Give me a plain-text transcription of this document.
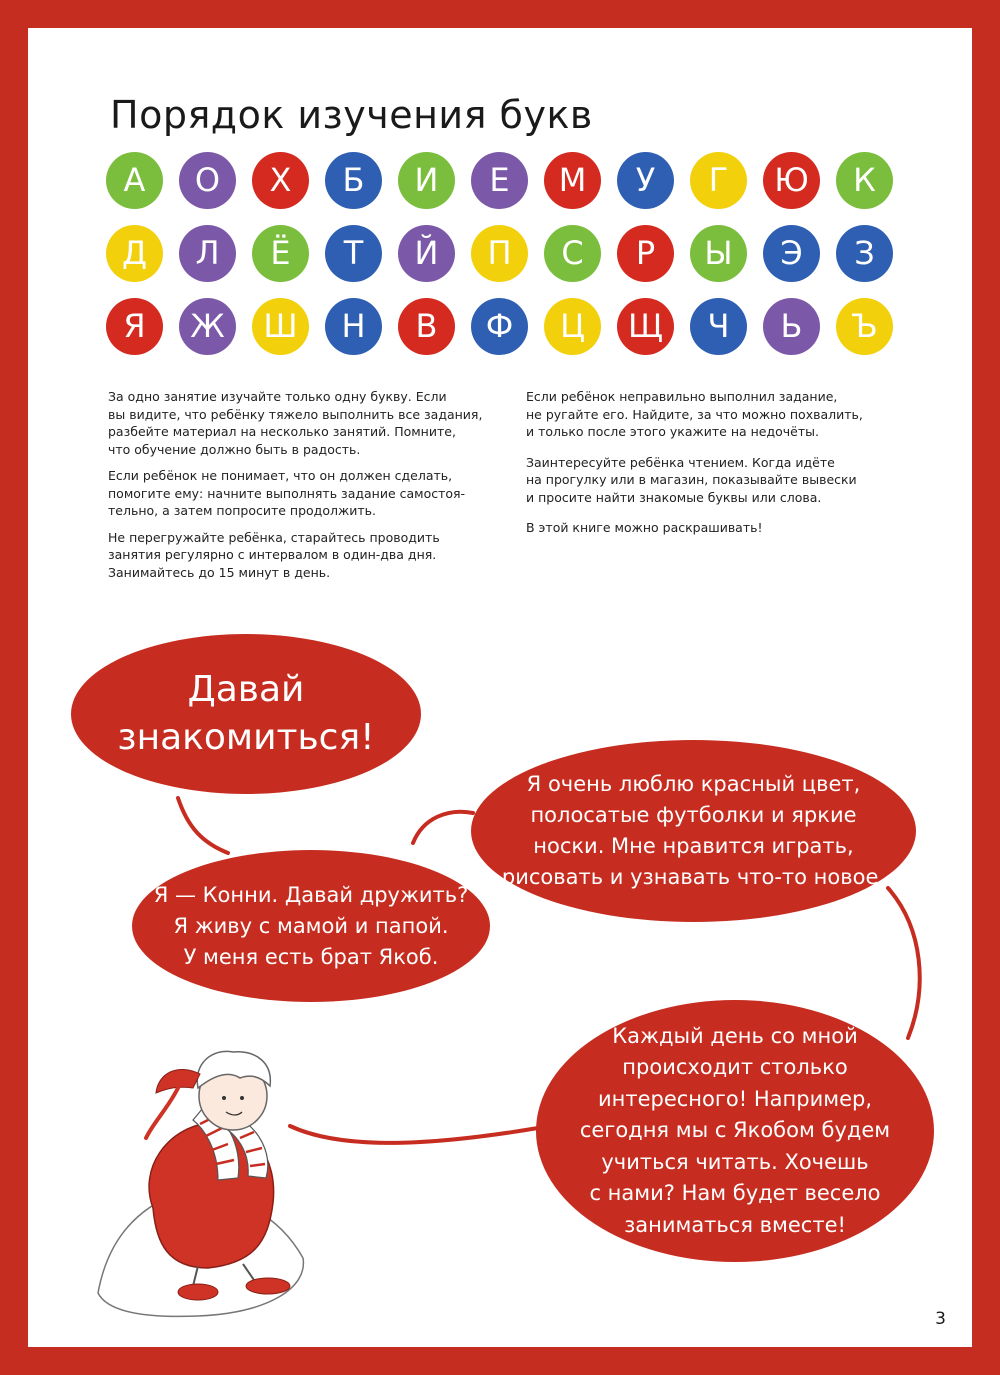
Порядок изучения букв
А	О	Х	Б	И	Е	М	У	Г	Ю	К
Д	Л	Ё	Т	Й	П	С	Р	Ы	Э	З
Я	Ж	Ш	Н	В	Ф	Ц	Щ	Ч	Ь	Ъ

За одно занятие изучайте только одну букву. Если
вы видите, что ребёнку тяжело выполнить все задания,
разбейте материал на несколько занятий. Помните,
что обучение должно быть в радость.

Если ребёнок не понимает, что он должен сделать,
помогите ему: начните выполнять задание самостоя-
тельно, а затем попросите продолжить.

Не перегружайте ребёнка, старайтесь проводить
занятия регулярно с интервалом в один-два дня.
Занимайтесь до 15 минут в день.

Если ребёнок неправильно выполнил задание,
не ругайте его. Найдите, за что можно похвалить,
и только после этого укажите на недочёты.

Заинтересуйте ребёнка чтением. Когда идёте
на прогулку или в магазин, показывайте вывески
и просите найти знакомые буквы или слова.

В этой книге можно раскрашивать!

Давай
знакомиться!
Я очень люблю красный цвет,
полосатые футболки и яркие
носки. Мне нравится играть,
рисовать и узнавать что-то новое.
Я — Конни. Давай дружить?
Я живу с мамой и папой.
У меня есть брат Якоб.
Каждый день со мной
происходит столько
интересного! Например,
сегодня мы с Якобом будем
учиться читать. Хочешь
с нами? Нам будет весело
заниматься вместе!
3
